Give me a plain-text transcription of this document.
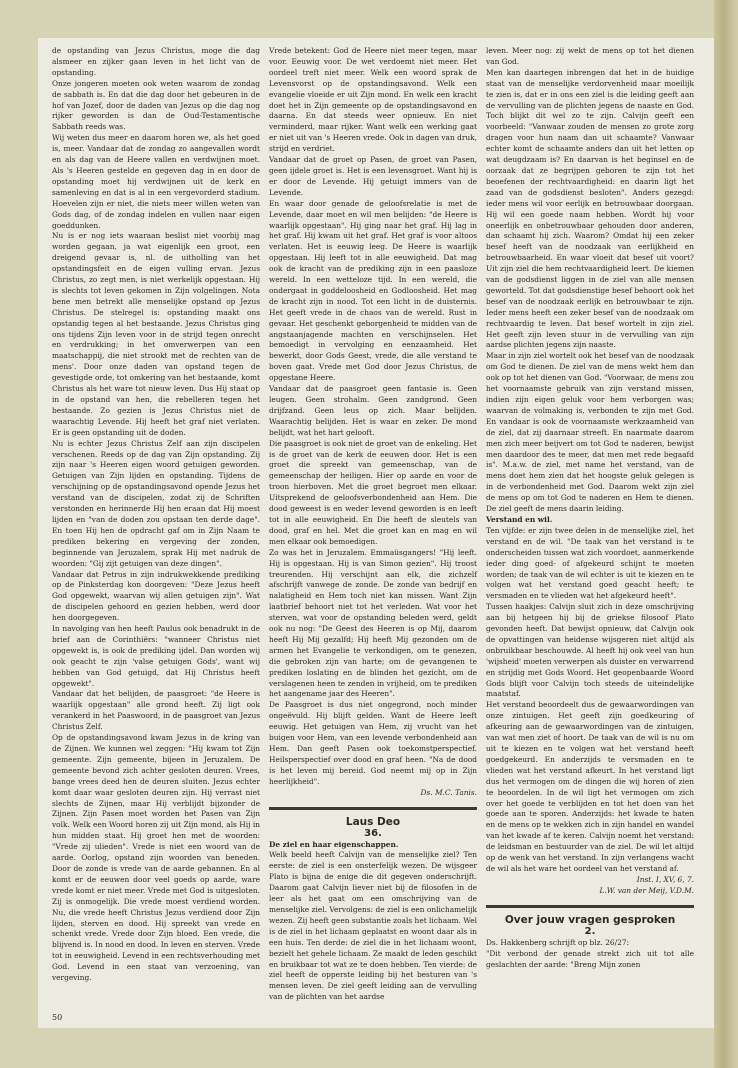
de opstanding van Jezus Christus, moge die dag alsmeer en zijker gaan leven in het licht van de opstanding.

Onze jongeren moeten ook weten waarom de zondag de sabbath is. En dat die dag door het gebeuren in de hof van Jozef, door de daden van Jezus op die dag nog rijker geworden is dan de Oud-Testamentische Sabbath reeds was.

Wij weten dus meer en daarom horen we, als het goed is, meer. Vandaar dat de zondag zo aangevallen wordt en als dag van de Heere vallen en verdwijnen moet. Als 's Heeren gestelde en gegeven dag in en door de opstanding moet hij verdwijnen uit de kerk en samenleving en dat is al in een vergevorderd stadium. Hoevelen zijn er niet, die niets meer willen weten van Gods dag, of de zondag indelen en vullen naar eigen goeddunken.

Nu is er nog iets waaraan beslist niet voorbij mag worden gegaan, ja wat eigenlijk een groot, een dreigend gevaar is, nl. de uitholling van het opstandingsfeit en de eigen vulling ervan. Jezus Christus, zo zegt men, is niet werkelijk opgestaan. Hij is slechts tot leven gekomen in Zijn volgelingen. Nota bene men betrekt alle menselijke opstand op Jezus Christus. De stelregel is: opstanding maakt ons opstandig tegen al het bestaande. Jezus Christus ging ons tijdens Zijn leven voor in de strijd tegen onrecht en verdrukking; in het omverwerpen van een maatschappij, die niet strookt met de rechten van de mens'. Door onze daden van opstand tegen de gevestigde orde, tot omkering van het bestaande, komt Christus als het ware tot nieuw leven. Dus Hij staat op in de opstand van hen, die rebelleren tegen het bestaande. Zo gezien is Jezus Christus niet de waarachtig Levende. Hij heeft het graf niet verlaten. Er is geen opstanding uit de doden.

Nu is echter Jezus Christus Zelf aan zijn discipelen verschenen. Reeds op de dag van Zijn opstanding. Zij zijn naar 's Heeren eigen woord getuigen geworden. Getuigen van Zijn lijden en opstanding. Tijdens de verschijning op de opstandingsavond opende Jezus het verstand van de discipelen, zodat zij de Schriften verstonden en herinnerde Hij hen eraan dat Hij moest lijden en "van de doden zou opstaan ten derde dage". En toen Hij hen de opdracht gaf om in Zijn Naam te prediken bekering en vergeving der zonden, beginnende van Jeruzalem, sprak Hij met nadruk de woorden: "Gij zijt getuigen van deze dingen".

Vandaar dat Petrus in zijn indrukwekkende prediking op de Pinksterdag kon doorgeven: "Deze Jezus heeft God opgewekt, waarvan wij allen getuigen zijn". Wat de discipelen gehoord en gezien hebben, werd door hen doorgegeven.

In navolging van hen heeft Paulus ook benadrukt in de brief aan de Corinthiërs: "wanneer Christus niet opgewekt is, is ook de prediking ijdel. Dan worden wij ook geacht te zijn 'valse getuigen Gods', want wij hebben van God getuigd, dat Hij Christus heeft opgewekt".

Vandaar dat het belijden, de paasgroet: "de Heere is waarlijk opgestaan" alle grond heeft. Zij ligt ook verankerd in het Paaswoord, in de paasgroet van Jezus Christus Zelf.

Op de opstandingsavond kwam Jezus in de kring van de Zijnen. We kunnen wel zeggen: "Hij kwam tot Zijn gemeente. Zijn gemeente, bijeen in Jeruzalem. De gemeente bevond zich achter gesloten deuren. Vrees, bange vrees deed hen de deuren sluiten. Jezus echter komt daar waar gesloten deuren zijn. Hij verrast niet slechts de Zijnen, maar Hij verblijdt bijzonder de Zijnen. Zijn Pasen moet worden het Pasen van Zijn volk. Welk een Woord horen zij uit Zijn mond, als Hij in hun midden staat. Hij groet hen met de woorden: "Vrede zij ulieden". Vrede is niet een woord van de aarde. Oorlog, opstand zijn woorden van beneden. Door de zonde is vrede van de aarde gebannen. En al komt er de eeuwen door veel goeds op aarde, ware vrede komt er niet meer. Vrede met God is uitgesloten. Zij is onmogelijk. Die vrede moest verdiend worden. Nu, die vrede heeft Christus Jezus verdiend door Zijn lijden, sterven en dood. Hij spreekt van vrede en schenkt vrede. Vrede door Zijn bloed. Een vrede, die blijvend is. In nood en dood. In leven en sterven. Vrede tot in eeuwigheid. Levend in een rechtsverhouding met God. Levend in een staat van verzoening, van vergeving.

Vrede betekent: God de Heere niet meer tegen, maar voor. Eeuwig voor. De wet verdoemt niet meer. Het oordeel treft niet meer. Welk een woord sprak de Levensvorst op de opstandingsavond. Welk een evangelie vloeide er uit Zijn mond. En welk een kracht doet het in Zijn gemeente op de opstandingsavond en daarna. En dat steeds weer opnieuw. En niet verminderd, maar rijker. Want welk een werking gaat er niet uit van 's Heeren vrede. Ook in dagen van druk, strijd en verdriet.

Vandaar dat de groet op Pasen, de groet van Pasen, geen ijdele groet is. Het is een levensgroet. Want hij is er door de Levende. Hij getuigt immers van de Levende.

En waar door genade de geloofsrelatie is met de Levende, daar moet en wil men belijden: "de Heere is waarlijk opgestaan". Hij ging naar het graf. Hij lag in het graf. Hij kwam uit het graf. Het graf is voor altoos verlaten. Het is eeuwig leeg. De Heere is waarlijk opgestaan. Hij leeft tot in alle eeuwigheid. Dat mag ook de kracht van de prediking zijn in een paasloze wereld. In een wetteloze tijd. In een wereld, die ondergaat in goddeloosheid en Godloosheid. Het mag de kracht zijn in nood. Tot een licht in de duisternis. Het geeft vrede in de chaos van de wereld. Rust in gevaar. Het geschenkt geborgenheid te midden van de angstaanjagende machten en verschijnselen. Het bemoedigt in vervolging en eenzaamheid. Het bewerkt, door Gods Geest, vrede, die alle verstand te boven gaat. Vrede met God door Jezus Christus, de opgestane Heere.

Vandaar dat de paasgroet geen fantasie is. Geen leugen. Geen strohalm. Geen zandgrond. Geen drijfzand. Geen leus op zich. Maar belijden. Waarachtig belijden. Het is waar en zeker. De mond belijdt, wat het hart gelooft.

Die paasgroet is ook niet de groet van de enkeling. Het is de groet van de kerk de eeuwen door. Het is een groet die spreekt van gemeenschap, van de gemeenschap der heiligen. Hier op aarde en voor de troon hierboven. Met die groet begroet men elkaar. Uitsprekend de geloofsverbondenheid aan Hem. Die dood geweest is en weder levend geworden is en leeft tot in alle eeuwigheid. En Die heeft de sleutels van dood, graf en hel. Met die groet kan en mag en wil men elkaar ook bemoedigen.

Zo was het in Jeruzalem. Emmaüsgangers! "Hij leeft. Hij is opgestaan. Hij is van Simon gezien". Hij troost treurenden. Hij verschijnt aan elk, die zichzelf afschrijft vanwege de zonde. De zonde van bedrijf en nalatigheid en Hem toch niet kan missen. Want Zijn laatbrief behoort niet tot het verleden. Wat voor het sterven, wat voor de opstanding beleden werd, geldt ook nu nog: "De Geest des Heeren is op Mij, daarom heeft Hij Mij gezalfd; Hij heeft Mij gezonden om de armen het Evangelie te verkondigen, om te genezen, die gebroken zijn van harte; om de gevangenen te prediken loslating en de blinden het gezicht, om de verslagenen heen te zenden in vrijheid, om te prediken het aangename jaar des Heeren".

De Paasgroet is dus niet ongegrond, noch minder ongeëvuld. Hij blijft gelden. Want de Heere leeft eeuwig. Het getuigen van Hem, zij vrucht van het buigen voor Hem, van een levende verbondenheid aan Hem. Dan geeft Pasen ook toekomstperspectief. Heilsperspectief over dood en graf heen. "Na de dood is het leven mij bereid. God neemt mij op in Zijn heerlijkheid".

Ds. M.C. Tanis.

Laus Deo
36.

De ziel en haar eigenschappen.

Welk beeld heeft Calvijn van de menselijke ziel? Ten eerste: de ziel is een onsterfelijk wezen. De wijsgeer Plato is bijna de enige die dit gegeven onderschrijft. Daarom gaat Calvijn liever niet bij de filosofen in de leer als het gaat om een omschrijving van de menselijke ziel. Vervolgens: de ziel is een onlichamelijk wezen. Zij heeft geen substantie zoals het lichaam. Wel is de ziel in het lichaam geplaatst en woont daar als in een huis. Ten derde: de ziel die in het lichaam woont, bezielt het gehele lichaam. Ze maakt de leden geschikt en bruikbaar tot wat ze te doen hebben. Ten vierde: de ziel heeft de opperste leiding bij het besturen van 's mensen leven. De ziel geeft leiding aan de vervulling van de plichten van het aardse

leven. Meer nog: zij wekt de mens op tot het dienen van God.

Men kan daartegen inbrengen dat het in de huidige staat van de menselijke verdorvenheid maar moeilijk te zien is, dat er in ons een ziel is die leiding geeft aan de vervulling van de plichten jegens de naaste en God. Toch blijkt dit wel zo te zijn. Calvijn geeft een voorbeeld: "Vanwaar zouden de mensen zo grote zorg dragen voor hun naam dan uit schaamte? Vanwaar echter komt de schaamte anders dan uit het letten op wat deugdzaam is? En daarvan is het beginsel en de oorzaak dat ze begrijpen geboren te zijn tot het beoefenen der rechtvaardigheid: en daarin ligt het zaad van de godsdienst besloten". Anders gezegd: ieder mens wil voor eerlijk en betrouwbaar doorgaan. Hij wil een goede naam hebben. Wordt hij voor oneerlijk en onbetrouwbaar gehouden door anderen, dan schaamt hij zich. Waarom? Omdat hij een zeker besef heeft van de noodzaak van eerlijkheid en betrouwbaarheid. En waar vloeit dat besef uit voort? Uit zijn ziel die hem rechtvaardigheid leert. De kiemen van de godsdienst liggen in de ziel van alle mensen geworteld. Tot dat godsdienstige besef behoort ook het besef van de noodzaak eerlijk en betrouwbaar te zijn. Ieder mens heeft een zeker besef van de noodzaak om rechtvaardig te leven. Dat besef wortelt in zijn ziel. Het geeft zijn leven stuur in de vervulling van zijn aardse plichten jegens zijn naaste.

Maar in zijn ziel wortelt ook het besef van de noodzaak om God te dienen. De ziel van de mens wekt hem dan ook op tot het dienen van God. "Voorwaar, de mens zou het voornaamste gebruik van zijn verstand missen, indien zijn eigen geluk voor hem verborgen was; waarvan de volmaking is, verbonden te zijn met God. En vandaar is ook de voornaamste werkzaamheid van de ziel, dat zij daarnaar streeft. En naarmate daarom men zich meer beijvert om tot God te naderen, bewijst men daardoor des te meer, dat men met rede begaafd is". M.a.w. de ziel, met name het verstand, van de mens doet hem zien dat het hoogste geluk gelegen is in de verbondenheid met God. Daarom wekt zijn ziel de mens op om tot God te naderen en Hem te dienen. De ziel geeft de mens daarin leiding.

Verstand en wil.

Ten vijfde: er zijn twee delen in de menselijke ziel, het verstand en de wil. "De taak van het verstand is te onderscheiden tussen wat zich voordoet, aanmerkende ieder ding goed- of afgekeurd schijnt te moeten worden; de taak van de wil echter is uit te kiezen en te volgen wat het verstand goed geacht heeft; te versmaden en te vlieden wat het afgekeurd heeft".

Tussen haakjes: Calvijn sluit zich in deze omschrijving aan bij hetgeen hij bij de griekse filosoof Plato gevonden heeft. Dat bewijst opnieuw, dat Calvijn ook de opvattingen van heidense wijsgeren niet altijd als onbruikbaar beschouwde. Al heeft hij ook veel van hun 'wijsheid' moeten verwerpen als duister en verwarrend en strijdig met Gods Woord. Het geopenbaarde Woord Gods blijft voor Calvijn toch steeds de uiteindelijke maatstaf.

Het verstand beoordeelt dus de gewaarwordingen van onze zintuigen. Het geeft zijn goedkeuring of afkeuring aan de gewaarwordingen van de zintuigen, van wat men ziet of hoort. De taak van de wil is nu om uit te kiezen en te volgen wat het verstand heeft goedgekeurd. En anderzijds te versmaden en te vlieden wat het verstand afkeurt. In het verstand ligt dus het vermogen om de dingen die wij horen of zien te beoordelen. In de wil ligt het vermogen om zich over het goede te verblijden en tot het doen van het goede aan te sporen. Anderzijds: het kwade te haten en de mens op te wekken zich in zijn handel en wandel van het kwade af te keren. Calvijn noemt het verstand: de leidsman en bestuurder van de ziel. De wil let altijd op de wenk van het verstand. In zijn verlangens wacht de wil als het ware het oordeel van het verstand af.

Inst. I, XV, 6, 7.

L.W. van der Meij, V.D.M.

Over jouw vragen gesproken
2.

Ds. Hakkenberg schrijft op blz. 26/27:

"Dit verbond der genade strekt zich uit tot alle geslachten der aarde: "Breng Mijn zonen

50
